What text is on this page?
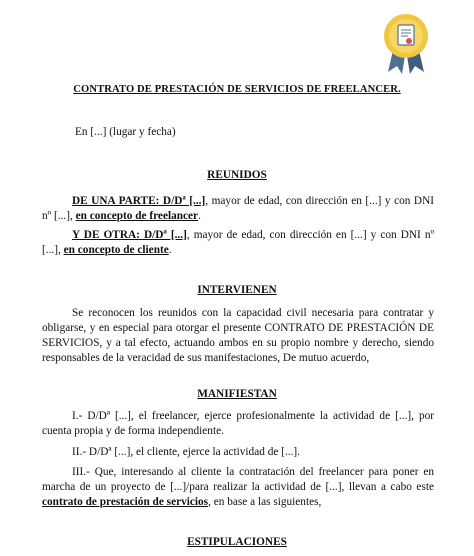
CONTRATO DE PRESTACIÓN DE SERVICIOS DE FREELANCER.
En [...] (lugar y fecha)
REUNIDOS
DE UNA PARTE: D/Dª [...], mayor de edad, con dirección en [...] y con DNI nº [...], en concepto de freelancer.
Y DE OTRA: D/Dª [...], mayor de edad, con dirección en [...] y con DNI nº [...], en concepto de cliente.
INTERVIENEN
Se reconocen los reunidos con la capacidad civil necesaria para contratar y obligarse, y en especial para otorgar el presente CONTRATO DE PRESTACIÓN DE SERVICIOS, y a tal efecto, actuando ambos en su propio nombre y derecho, siendo responsables de la veracidad de sus manifestaciones, De mutuo acuerdo,
MANIFIESTAN
I.- D/Dª [...], el freelancer, ejerce profesionalmente la actividad de [...], por cuenta propia y de forma independiente.
II.- D/Dª [...], el cliente, ejerce la actividad de [...].
III.- Que, interesando al cliente la contratación del freelancer para poner en marcha de un proyecto de [...]/para realizar la actividad de [...], llevan a cabo este contrato de prestación de servicios, en base a las siguientes,
ESTIPULACIONES
